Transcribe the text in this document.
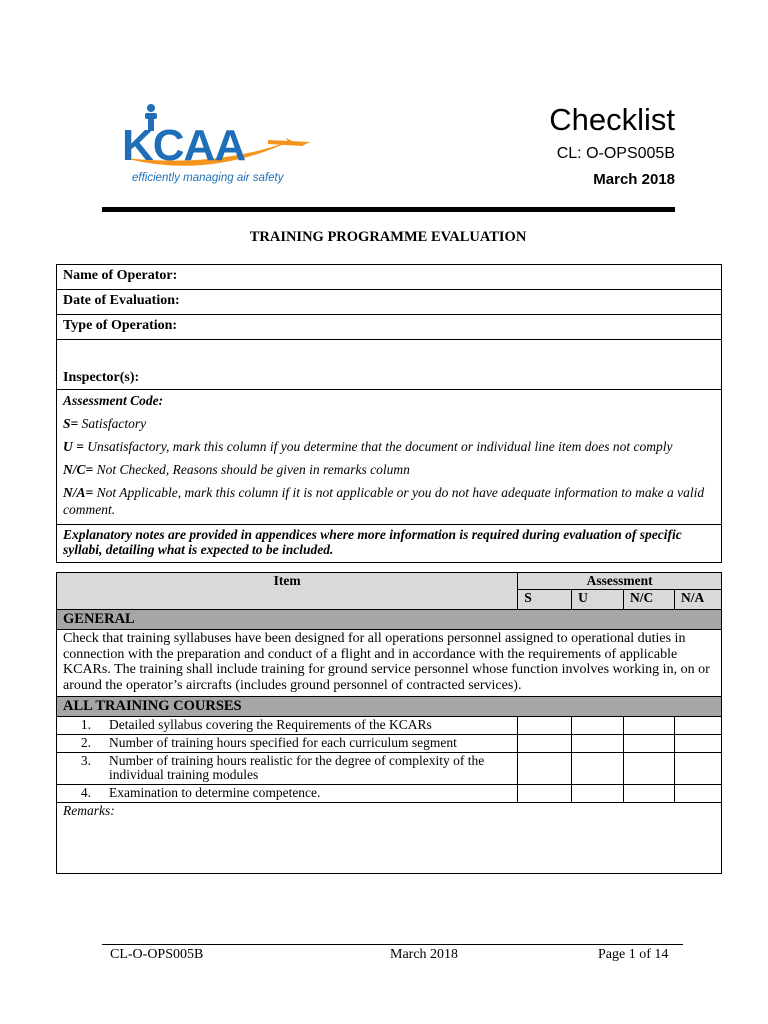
KCAA
efficiently managing air safety
Checklist
CL: O-OPS005B
March 2018
TRAINING PROGRAMME EVALUATION
Name of Operator:
Date of Evaluation:
Type of Operation:
Inspector(s):

Assessment Code:

S= Satisfactory

U = Unsatisfactory, mark this column if you determine that the document or individual line item does not comply

N/C= Not Checked, Reasons should be given in remarks column

N/A= Not Applicable, mark this column if it is not applicable or you do not have adequate information to make a valid comment.

Explanatory notes are provided in appendices where more information is required during evaluation of specific syllabi, detailing what is expected to be included.
Item	Assessment			
	S	U	N/C	N/A
GENERAL				
Check that training syllabuses have been designed for all operations personnel assigned to operational duties in connection with the preparation and conduct of a flight and in accordance with the requirements of applicable KCARs. The training shall include training for ground service personnel whose function involves working in, on or around the operator’s aircrafts (includes ground personnel of contracted services).				
ALL TRAINING COURSES				

1. Detailed syllabus covering the Requirements of the KCARs				

2. Number of training hours specified for each curriculum segment				

3. Number of training hours realistic for the degree of complexity of the individual training modules				

4. Examination to determine competence.				

Remarks:				
CL-O-OPS005B	March 2018	Page 1 of 14
